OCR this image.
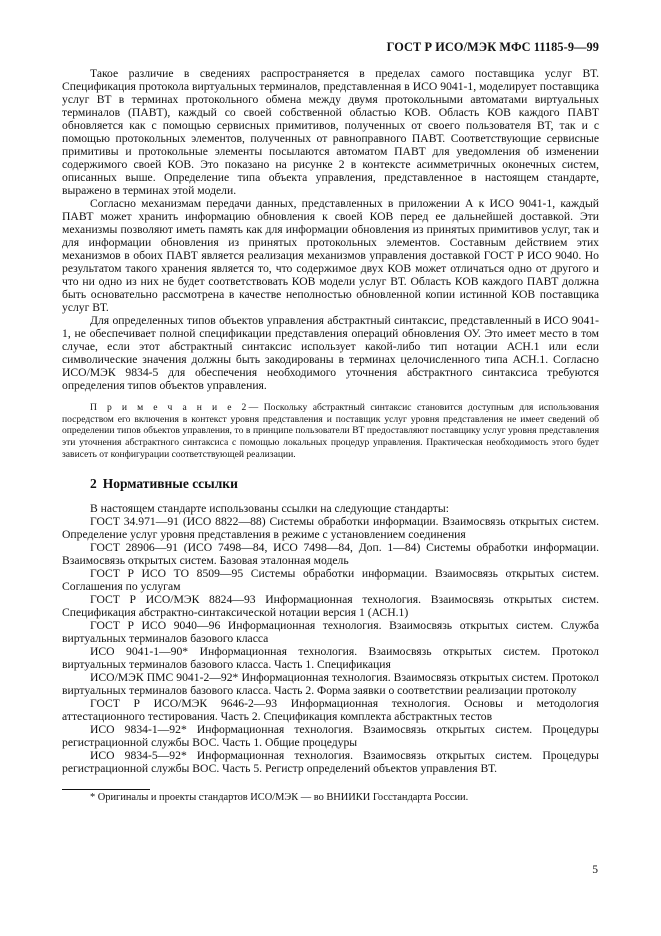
ГОСТ Р ИСО/МЭК МФС 11185-9—99

Такое различие в сведениях распространяется в пределах самого поставщика услуг ВТ. Спецификация протокола виртуальных терминалов, представленная в ИСО 9041-1, моделирует поставщика услуг ВТ в терминах протокольного обмена между двумя протокольными автоматами виртуальных терминалов (ПАВТ), каждый со своей собственной областью КОВ. Область КОВ каждого ПАВТ обновляется как с помощью сервисных примитивов, полученных от своего пользователя ВТ, так и с помощью протокольных элементов, полученных от равноправного ПАВТ. Соответствующие сервисные примитивы и протокольные элементы посылаются автоматом ПАВТ для уведомления об изменении содержимого своей КОВ. Это показано на рисунке 2 в контексте асимметричных оконечных систем, описанных выше. Определение типа объекта управления, представленное в настоящем стандарте, выражено в терминах этой модели.

Согласно механизмам передачи данных, представленных в приложении А к ИСО 9041-1, каждый ПАВТ может хранить информацию обновления к своей КОВ перед ее дальнейшей доставкой. Эти механизмы позволяют иметь память как для информации обновления из принятых примитивов услуг, так и для информации обновления из принятых протокольных элементов. Составным действием этих механизмов в обоих ПАВТ является реализация механизмов управления доставкой ГОСТ Р ИСО 9040. Но результатом такого хранения является то, что содержимое двух КОВ может отличаться одно от другого и что ни одно из них не будет соответствовать КОВ модели услуг ВТ. Область КОВ каждого ПАВТ должна быть основательно рассмотрена в качестве неполностью обновленной копии истинной КОВ поставщика услуг ВТ.

Для определенных типов объектов управления абстрактный синтаксис, представленный в ИСО 9041-1, не обеспечивает полной спецификации представления операций обновления ОУ. Это имеет место в том случае, если этот абстрактный синтаксис использует какой-либо тип нотации АСН.1 или если символические значения должны быть закодированы в терминах целочисленного типа АСН.1. Согласно ИСО/МЭК 9834-5 для обеспечения необходимого уточнения абстрактного синтаксиса требуются определения типов объектов управления.

П р и м е ч а н и е 2— Поскольку абстрактный синтаксис становится доступным для использования посредством его включения в контекст уровня представления и поставщик услуг уровня представления не имеет сведений об определении типов объектов управления, то в принципе пользователи ВТ предоставляют поставщику услуг уровня представления эти уточнения абстрактного синтаксиса с помощью локальных процедур управления. Практическая необходимость этого будет зависеть от конфигурации соответствующей реализации.

2 Нормативные ссылки

В настоящем стандарте использованы ссылки на следующие стандарты:

ГОСТ 34.971—91 (ИСО 8822—88) Системы обработки информации. Взаимосвязь открытых систем. Определение услуг уровня представления в режиме с установлением соединения

ГОСТ 28906—91 (ИСО 7498—84, ИСО 7498—84, Доп. 1—84) Системы обработки информации. Взаимосвязь открытых систем. Базовая эталонная модель

ГОСТ Р ИСО ТО 8509—95 Системы обработки информации. Взаимосвязь открытых систем. Соглашения по услугам

ГОСТ Р ИСО/МЭК 8824—93 Информационная технология. Взаимосвязь открытых систем. Спецификация абстрактно-синтаксической нотации версия 1 (АСН.1)

ГОСТ Р ИСО 9040—96 Информационная технология. Взаимосвязь открытых систем. Служба виртуальных терминалов базового класса

ИСО 9041-1—90* Информационная технология. Взаимосвязь открытых систем. Протокол виртуальных терминалов базового класса. Часть 1. Спецификация

ИСО/МЭК ПМС 9041-2—92* Информационная технология. Взаимосвязь открытых систем. Протокол виртуальных терминалов базового класса. Часть 2. Форма заявки о соответствии реализации протоколу

ГОСТ Р ИСО/МЭК 9646-2—93 Информационная технология. Основы и методология аттестационного тестирования. Часть 2. Спецификация комплекта абстрактных тестов

ИСО 9834-1—92* Информационная технология. Взаимосвязь открытых систем. Процедуры регистрационной службы ВОС. Часть 1. Общие процедуры

ИСО 9834-5—92* Информационная технология. Взаимосвязь открытых систем. Процедуры регистрационной службы ВОС. Часть 5. Регистр определений объектов управления ВТ.

* Оригиналы и проекты стандартов ИСО/МЭК — во ВНИИКИ Госстандарта России.

5
